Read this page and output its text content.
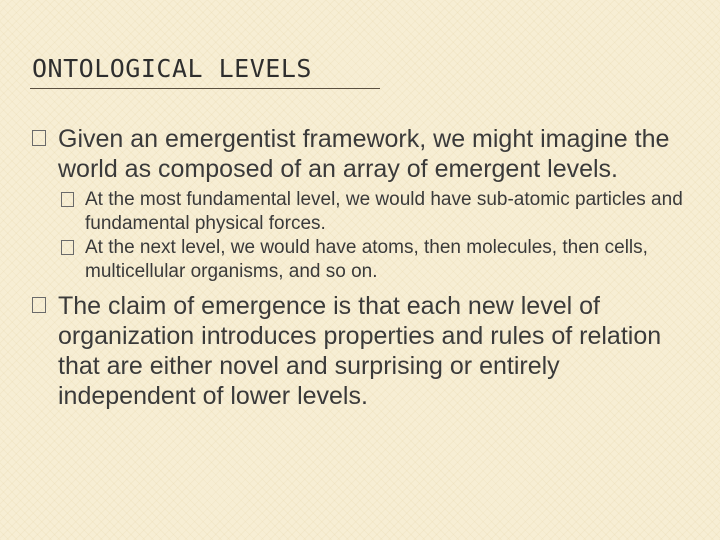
ONTOLOGICAL LEVELS
Given an emergentist framework, we might imagine the world as composed of an array of emergent levels.
At the most fundamental level, we would have sub-atomic particles and fundamental physical forces.
At the next level, we would have atoms, then molecules, then cells, multicellular organisms, and so on.
The claim of emergence is that each new level of organization introduces properties and rules of relation that are either novel and surprising or entirely independent of lower levels.
